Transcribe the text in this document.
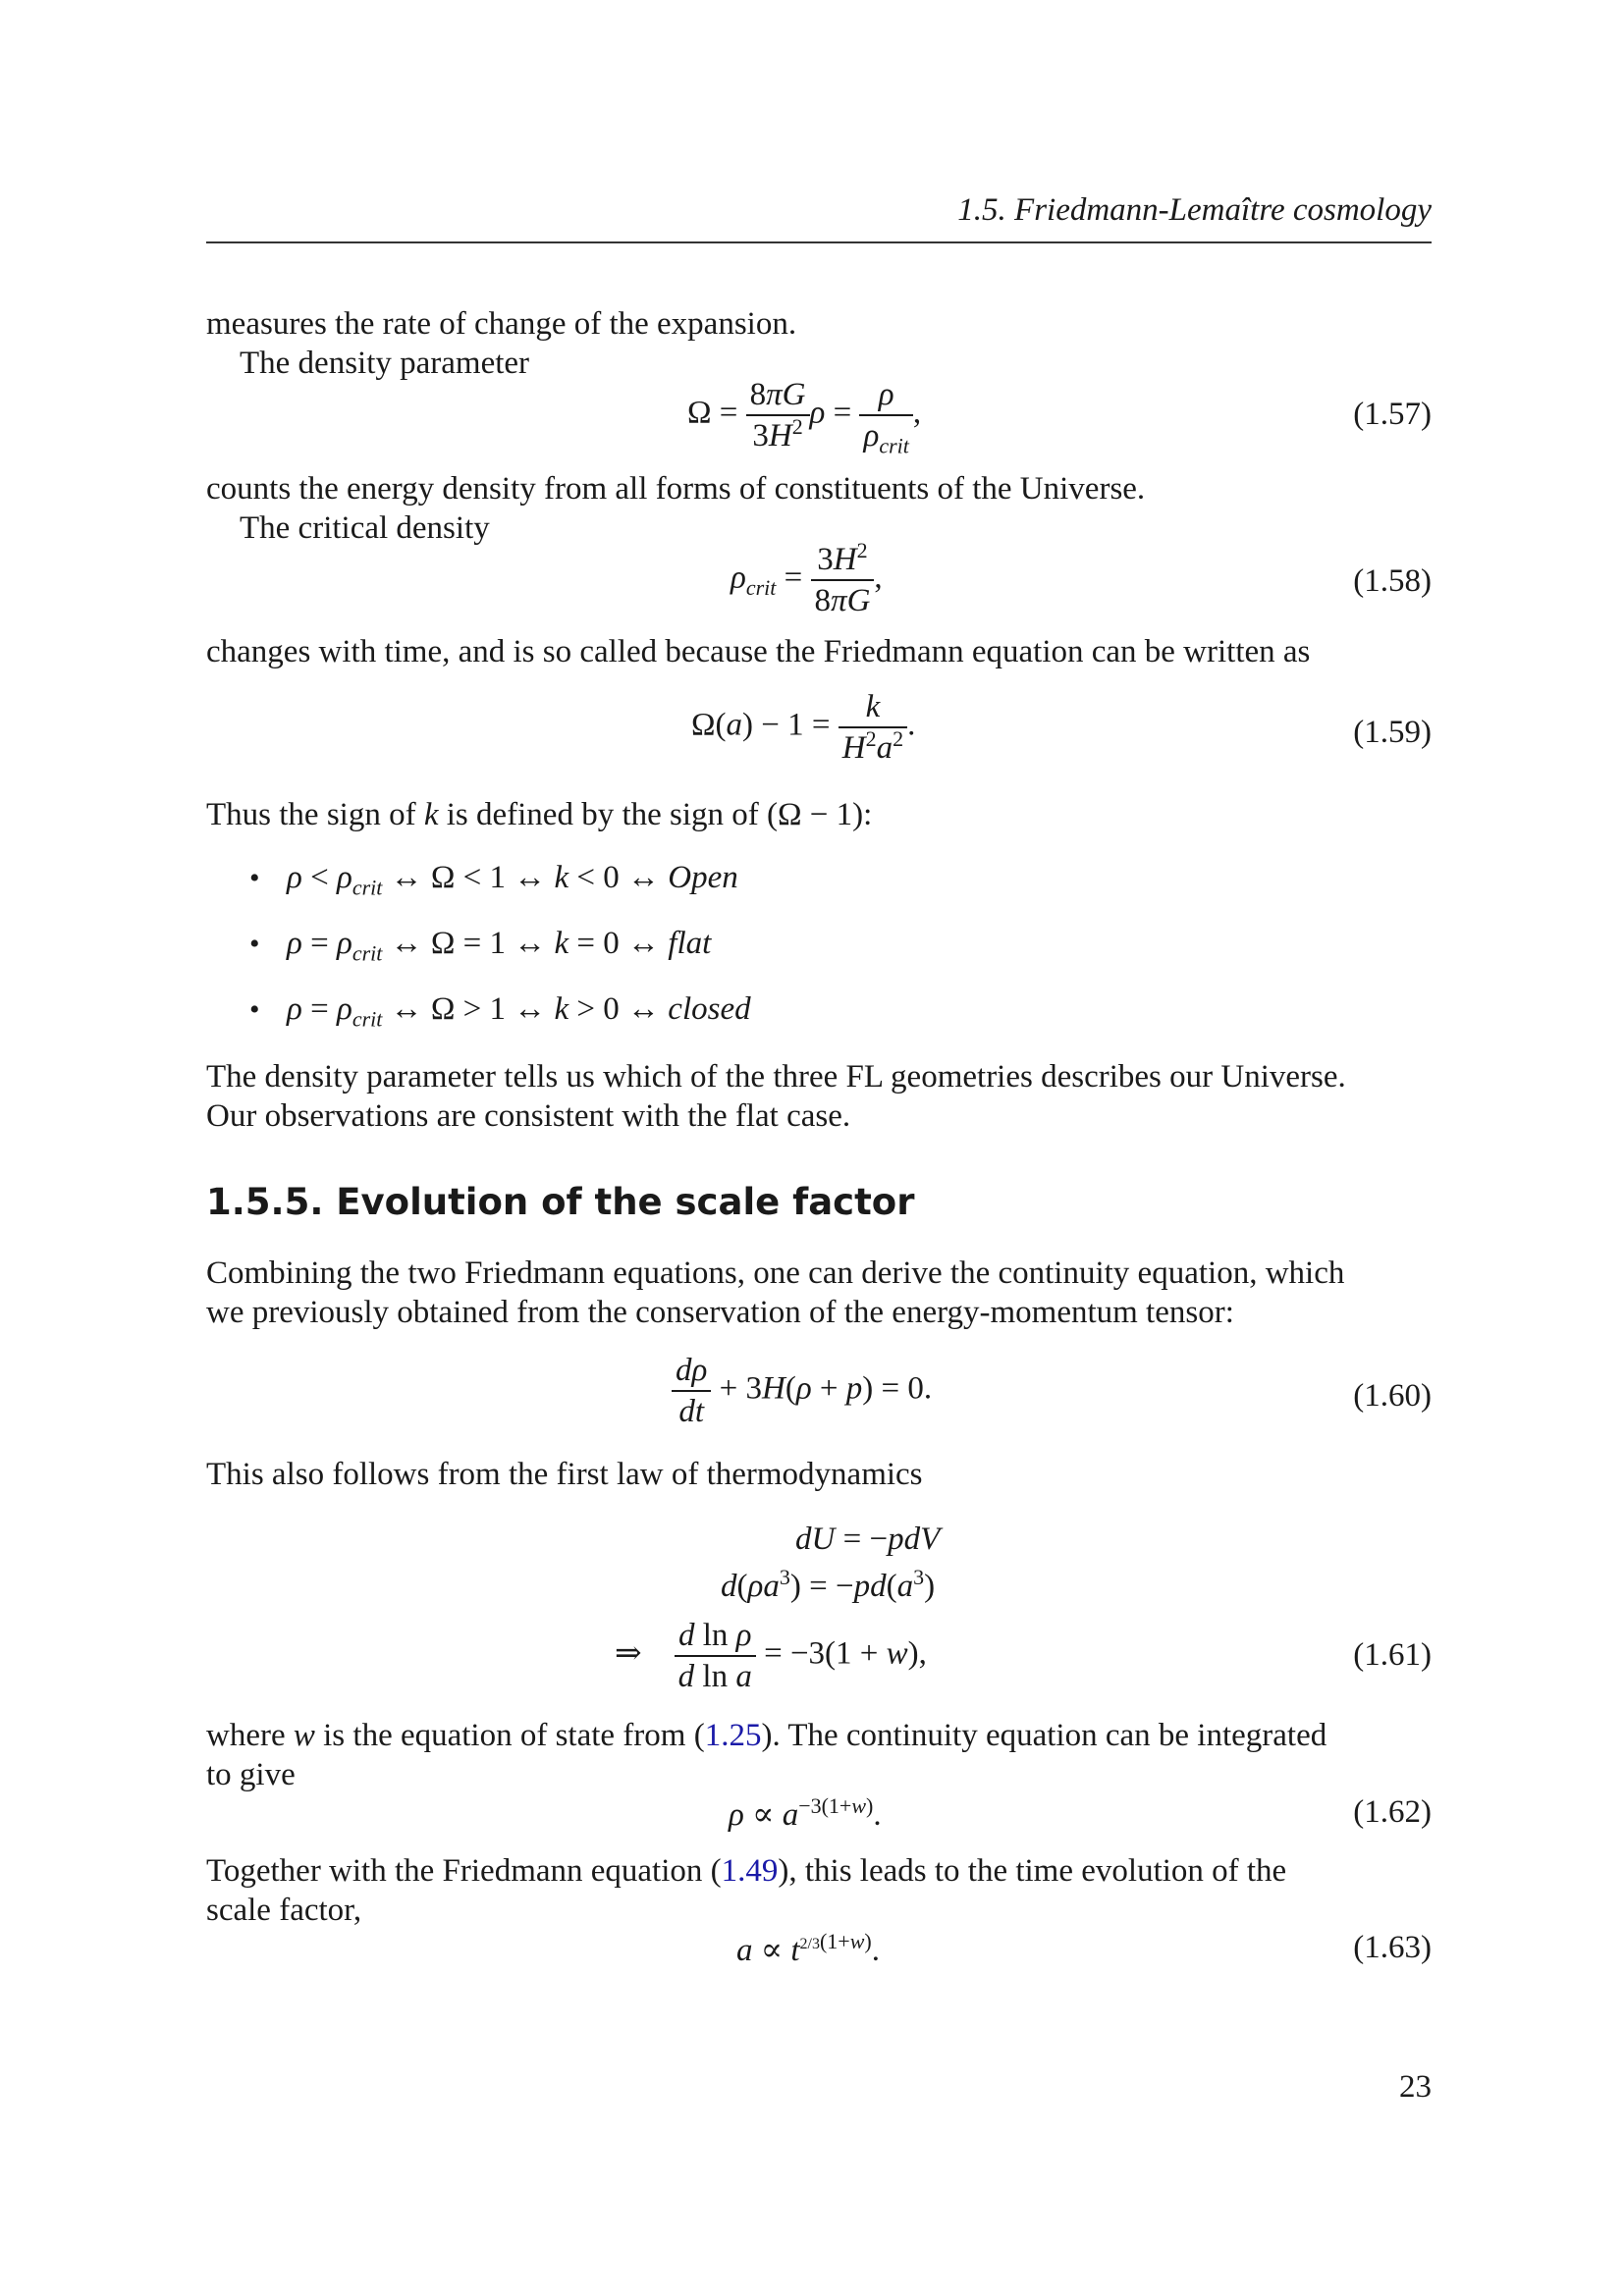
1.5. Friedmann-Lemaître cosmology
measures the rate of change of the expansion.
The density parameter
$\Omega = \frac{8\pi G}{3H^2}$ $\rho = \frac{\rho}{\rho_{crit}}$ ,	(1.57)
counts the energy density from all forms of constituents of the Universe.
The critical density
$\rho_{crit} = \frac{3H^2}{8\pi G}$ ,	(1.58)
changes with time, and is so called because the Friedmann equation can be written as
$\Omega(a) - 1 = \frac{k}{H^2a^2}$ .	(1.59)
Thus the sign of k is defined by the sign of (Ω − 1):
• $\rho < \rho_{crit}$ ↔ Ω < 1 ↔ k < 0 ↔ Open
• $\rho = \rho_{crit}$ ↔ Ω = 1 ↔ k = 0 ↔ flat
• $\rho = \rho_{crit}$ ↔ Ω > 1 ↔ k > 0 ↔ closed
The density parameter tells us which of the three FL geometries describes our Universe.
Our observations are consistent with the flat case.
1.5.5. Evolution of the scale factor
Combining the two Friedmann equations, one can derive the continuity equation, which
we previously obtained from the conservation of the energy-momentum tensor:
$\frac{d\rho}{dt} + 3H(\rho + p) = 0$.	(1.60)
This also follows from the first law of thermodynamics
dU = −pdV
$d(\rho a^3) = -pd(a^3)$
⇒ $\frac{\text{d ln ρ}}{\text{d ln a}} = -3(1 + w)$,	(1.61)
where w is the equation of state from (1.25). The continuity equation can be integrated
to give
$\rho \propto a^{-3(1+w)}$.	(1.62)
Together with the Friedmann equation (1.49), this leads to the time evolution of the
scale factor,
$a \propto t^{2/3(1+w)}$.	(1.63)
23
